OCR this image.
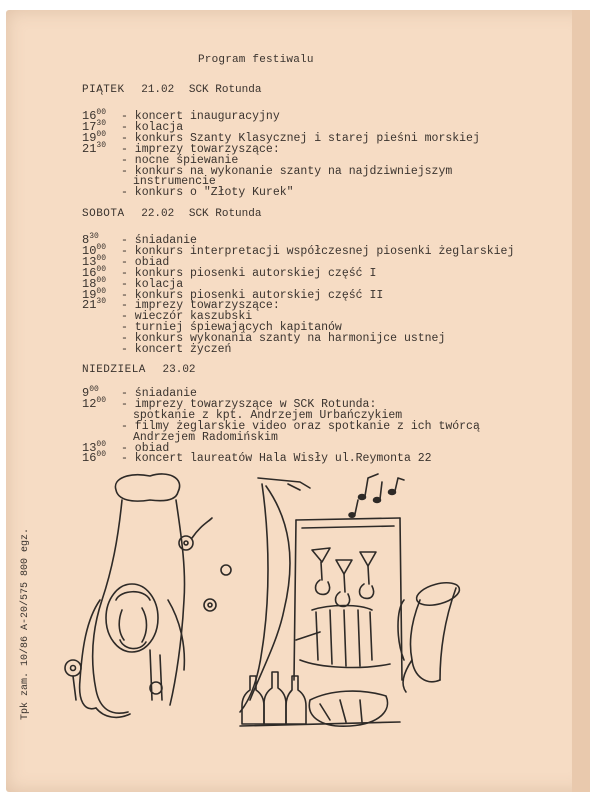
Program festiwalu
PIĄTEK 21.02 SCK Rotunda
$16^{00}$	- koncert inauguracyjny
$17^{30}$	- kolacja
$19^{00}$	- konkurs Szanty Klasycznej i starej pieśni morskiej
$21^{30}$	- imprezy towarzyszące:
- nocne śpiewanie
- konkurs na wykonanie szanty na najdziwniejszym
instrumencie
- konkurs o "Złoty Kurek"
SOBOTA 22.02 SCK Rotunda
$8^{30}$	- śniadanie
$10^{00}$	- konkurs interpretacji współczesnej piosenki żeglarskiej
$13^{00}$	- obiad
$16^{00}$	- konkurs piosenki autorskiej część I
$18^{00}$	- kolacja
$19^{00}$	- konkurs piosenki autorskiej część II
$21^{30}$	- imprezy towarzyszące:
- wieczór kaszubski
- turniej śpiewających kapitanów
- konkurs wykonania szanty na harmonijce ustnej
- koncert życzeń
NIEDZIELA 23.02
$9^{00}$	- śniadanie
$12^{00}$	- imprezy towarzyszące w SCK Rotunda:
spotkanie z kpt. Andrzejem Urbańczykiem
- filmy żeglarskie video oraz spotkanie z ich twórcą
Andrzejem Radomińskim
$13^{00}$	- obiad
$16^{00}$	- koncert laureatów Hala Wisły ul.Reymonta 22
Tpk zam. 10/86 A-20/575 800 egz.
